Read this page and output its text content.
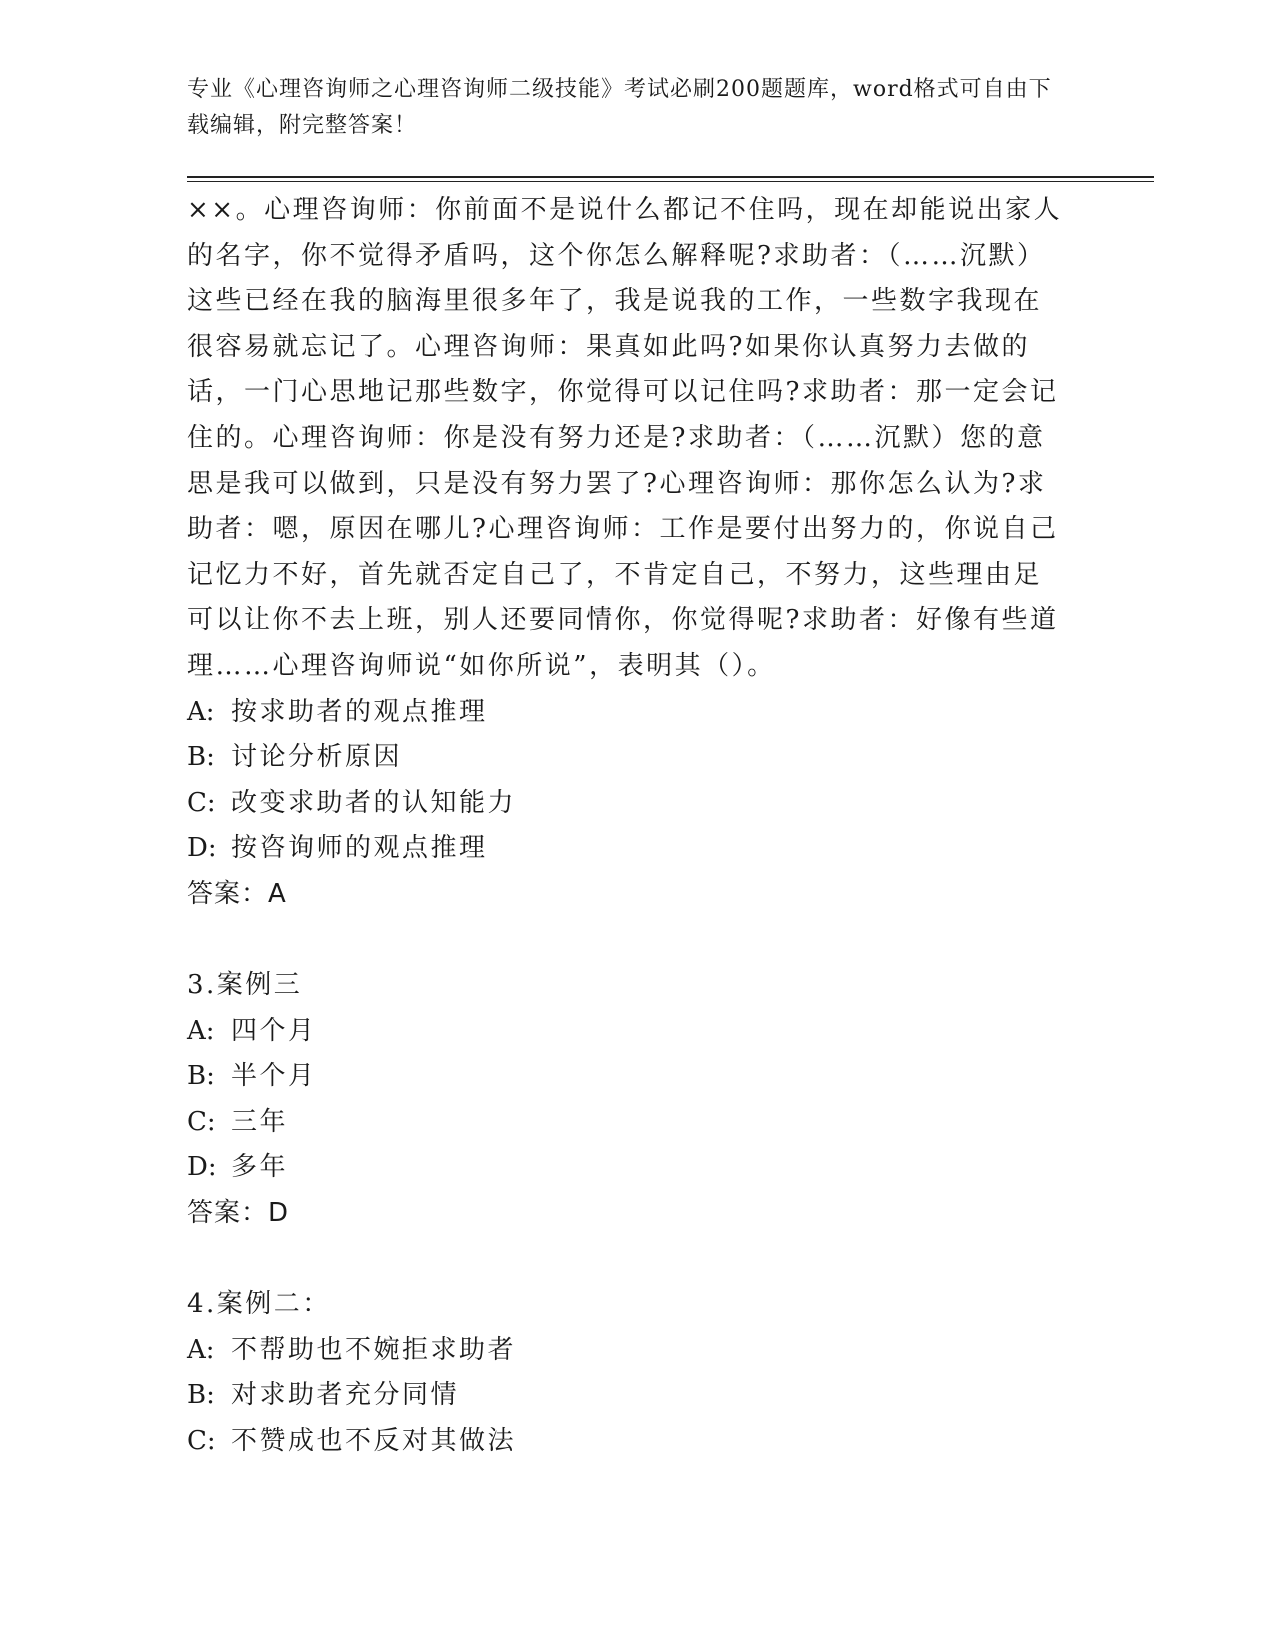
专业《心理咨询师之心理咨询师二级技能》考试必刷200题题库，word格式可自由下载编辑，附完整答案！

××。心理咨询师：你前面不是说什么都记不住吗，现在却能说出家人的名字，你不觉得矛盾吗，这个你怎么解释呢?求助者：（……沉默）这些已经在我的脑海里很多年了，我是说我的工作，一些数字我现在很容易就忘记了。心理咨询师：果真如此吗?如果你认真努力去做的话，一门心思地记那些数字，你觉得可以记住吗?求助者：那一定会记住的。心理咨询师：你是没有努力还是?求助者：（……沉默）您的意思是我可以做到，只是没有努力罢了?心理咨询师：那你怎么认为?求助者：嗯，原因在哪儿?心理咨询师：工作是要付出努力的，你说自己记忆力不好，首先就否定自己了，不肯定自己，不努力，这些理由足可以让你不去上班，别人还要同情你，你觉得呢?求助者：好像有些道理……心理咨询师说“如你所说”，表明其（）。

A: 按求助者的观点推理
B: 讨论分析原因
C: 改变求助者的认知能力
D: 按咨询师的观点推理
答案：A
3.案例三
A: 四个月
B: 半个月
C: 三年
D: 多年
答案：D
4.案例二：
A: 不帮助也不婉拒求助者
B: 对求助者充分同情
C: 不赞成也不反对其做法
